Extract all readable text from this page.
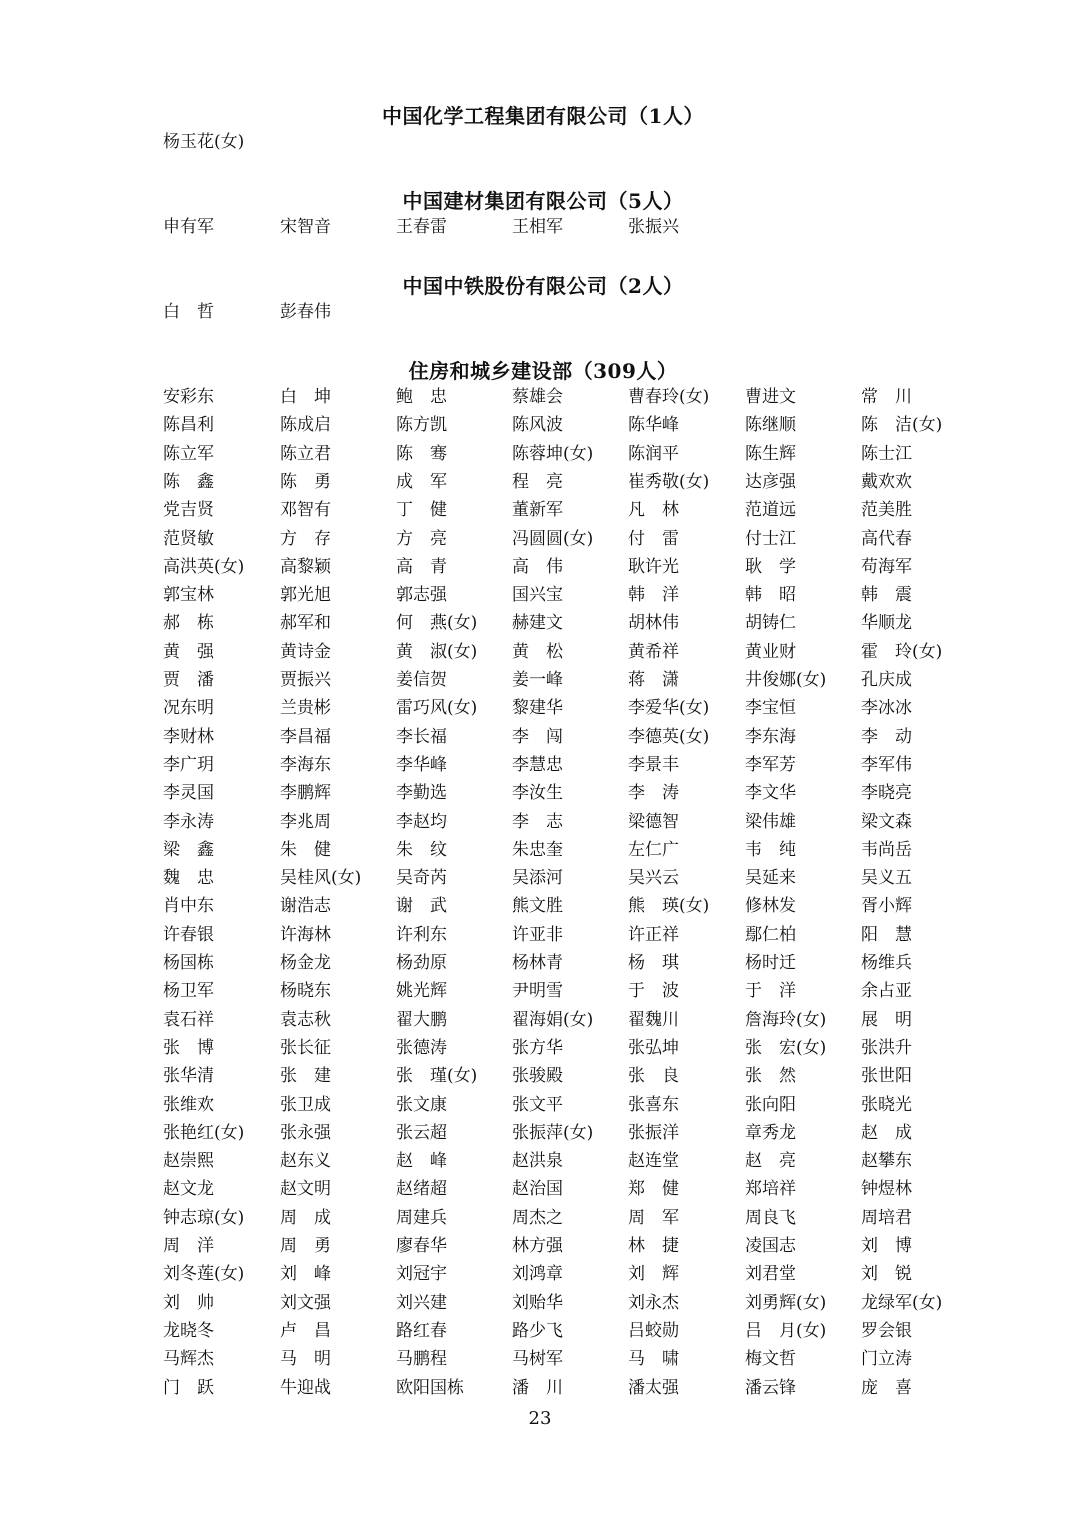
中国化学工程集团有限公司（1人）
杨玉花(女)
中国建材集团有限公司（5人）
申有军	宋智音	王春雷	王相军	张振兴
中国中铁股份有限公司（2人）
白　哲	彭春伟
住房和城乡建设部（309人）
安彩东	白　坤	鲍　忠	蔡雄会	曹春玲(女) 曹进文	常　川
陈昌利	陈成启	陈方凯	陈风波	陈华峰	陈继顺	陈　洁(女)
陈立军	陈立君	陈　骞	陈蓉坤(女) 陈润平	陈生辉	陈士江
陈　鑫	陈　勇	成　军	程　亮	崔秀敬(女) 达彦强	戴欢欢
党吉贤	邓智有	丁　健	董新军	凡　林	范道远	范美胜
范贤敏	方　存	方　亮	冯圆圆(女) 付　雷	付士江	高代春
高洪英(女) 高黎颖	高　青	高　伟	耿许光	耿　学	苟海军
郭宝林	郭光旭	郭志强	国兴宝	韩　洋	韩　昭	韩　震
郝　栋	郝军和	何　燕(女) 赫建文	胡林伟	胡铸仁	华顺龙
黄　强	黄诗金	黄　淑(女) 黄　松	黄希祥	黄业财	霍　玲(女)
贾　潘	贾振兴	姜信贺	姜一峰	蒋　潇	井俊娜(女) 孔庆成
况东明	兰贵彬	雷巧风(女) 黎建华	李爱华(女) 李宝恒	李冰冰
李财林	李昌福	李长福	李　闯	李德英(女) 李东海	李　动
李广玥	李海东	李华峰	李慧忠	李景丰	李军芳	李军伟
李灵国	李鹏辉	李勤选	李汝生	李　涛	李文华	李晓亮
李永涛	李兆周	李赵均	李　志	梁德智	梁伟雄	梁文森
梁　鑫	朱　健	朱　纹	朱忠奎	左仁广	韦　纯	韦尚岳
魏　忠	吴桂风(女) 吴奇芮	吴添河	吴兴云	吴延来	吴义五
肖中东	谢浩志	谢　武	熊文胜	熊　瑛(女) 修林发	胥小辉
许春银	许海林	许利东	许亚非	许正祥	鄢仁柏	阳　慧
杨国栋	杨金龙	杨劲原	杨林青	杨　琪	杨时迁	杨维兵
杨卫军	杨晓东	姚光辉	尹明雪	于　波	于　洋	余占亚
袁石祥	袁志秋	翟大鹏	翟海娟(女) 翟魏川	詹海玲(女) 展　明
张　博	张长征	张德涛	张方华	张弘坤	张　宏(女) 张洪升
张华清	张　建	张　瑾(女) 张骏殿	张　良	张　然	张世阳
张维欢	张卫成	张文康	张文平	张喜东	张向阳	张晓光
张艳红(女) 张永强	张云超	张振萍(女) 张振洋	章秀龙	赵　成
赵崇熙	赵东义	赵　峰	赵洪泉	赵连堂	赵　亮	赵攀东
赵文龙	赵文明	赵绪超	赵治国	郑　健	郑培祥	钟煜林
钟志琼(女) 周　成	周建兵	周杰之	周　军	周良飞	周培君
周　洋	周　勇	廖春华	林方强	林　捷	凌国志	刘　博
刘冬莲(女) 刘　峰	刘冠宇	刘鸿章	刘　辉	刘君堂	刘　锐
刘　帅	刘文强	刘兴建	刘贻华	刘永杰	刘勇辉(女) 龙绿军(女)
龙晓冬	卢　昌	路红春	路少飞	吕蛟勋	吕　月(女) 罗会银
马辉杰	马　明	马鹏程	马树军	马　啸	梅文哲	门立涛
门　跃	牛迎战	欧阳国栋	潘　川	潘太强	潘云锋	庞　喜
23
